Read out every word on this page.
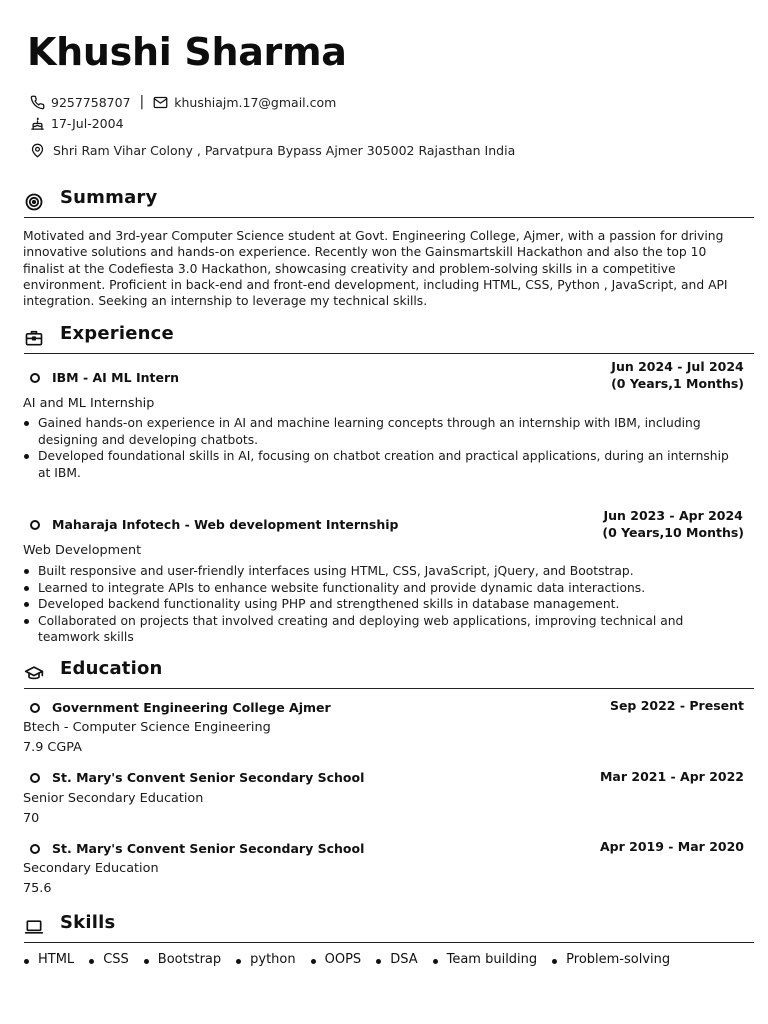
Khushi Sharma
9257758707 | khushiajm.17@gmail.com
17-Jul-2004
Shri Ram Vihar Colony , Parvatpura Bypass Ajmer 305002 Rajasthan India
Summary
Motivated and 3rd-year Computer Science student at Govt. Engineering College, Ajmer, with a passion for driving innovative solutions and hands-on experience. Recently won the Gainsmartskill Hackathon and also the top 10 finalist at the Codefiesta 3.0 Hackathon, showcasing creativity and problem-solving skills in a competitive environment. Proficient in back-end and front-end development, including HTML, CSS, Python , JavaScript, and API integration. Seeking an internship to leverage my technical skills.
Experience
IBM - AI ML Intern
Jun 2024 - Jul 2024
(0 Years,1 Months)
AI and ML Internship
Gained hands-on experience in AI and machine learning concepts through an internship with IBM, including designing and developing chatbots.
Developed foundational skills in AI, focusing on chatbot creation and practical applications, during an internship at IBM.
Maharaja Infotech - Web development Internship
Jun 2023 - Apr 2024
(0 Years,10 Months)
Web Development
Built responsive and user-friendly interfaces using HTML, CSS, JavaScript, jQuery, and Bootstrap.
Learned to integrate APIs to enhance website functionality and provide dynamic data interactions.
Developed backend functionality using PHP and strengthened skills in database management.
Collaborated on projects that involved creating and deploying web applications, improving technical and teamwork skills
Education
Government Engineering College Ajmer	Sep 2022 - Present
Btech - Computer Science Engineering
7.9 CGPA
St. Mary's Convent Senior Secondary School	Mar 2021 - Apr 2022
Senior Secondary Education
70
St. Mary's Convent Senior Secondary School	Apr 2019 - Mar 2020
Secondary Education
75.6
Skills
HTML	CSS	Bootstrap	python	OOPS	DSA	Team building	Problem-solving
